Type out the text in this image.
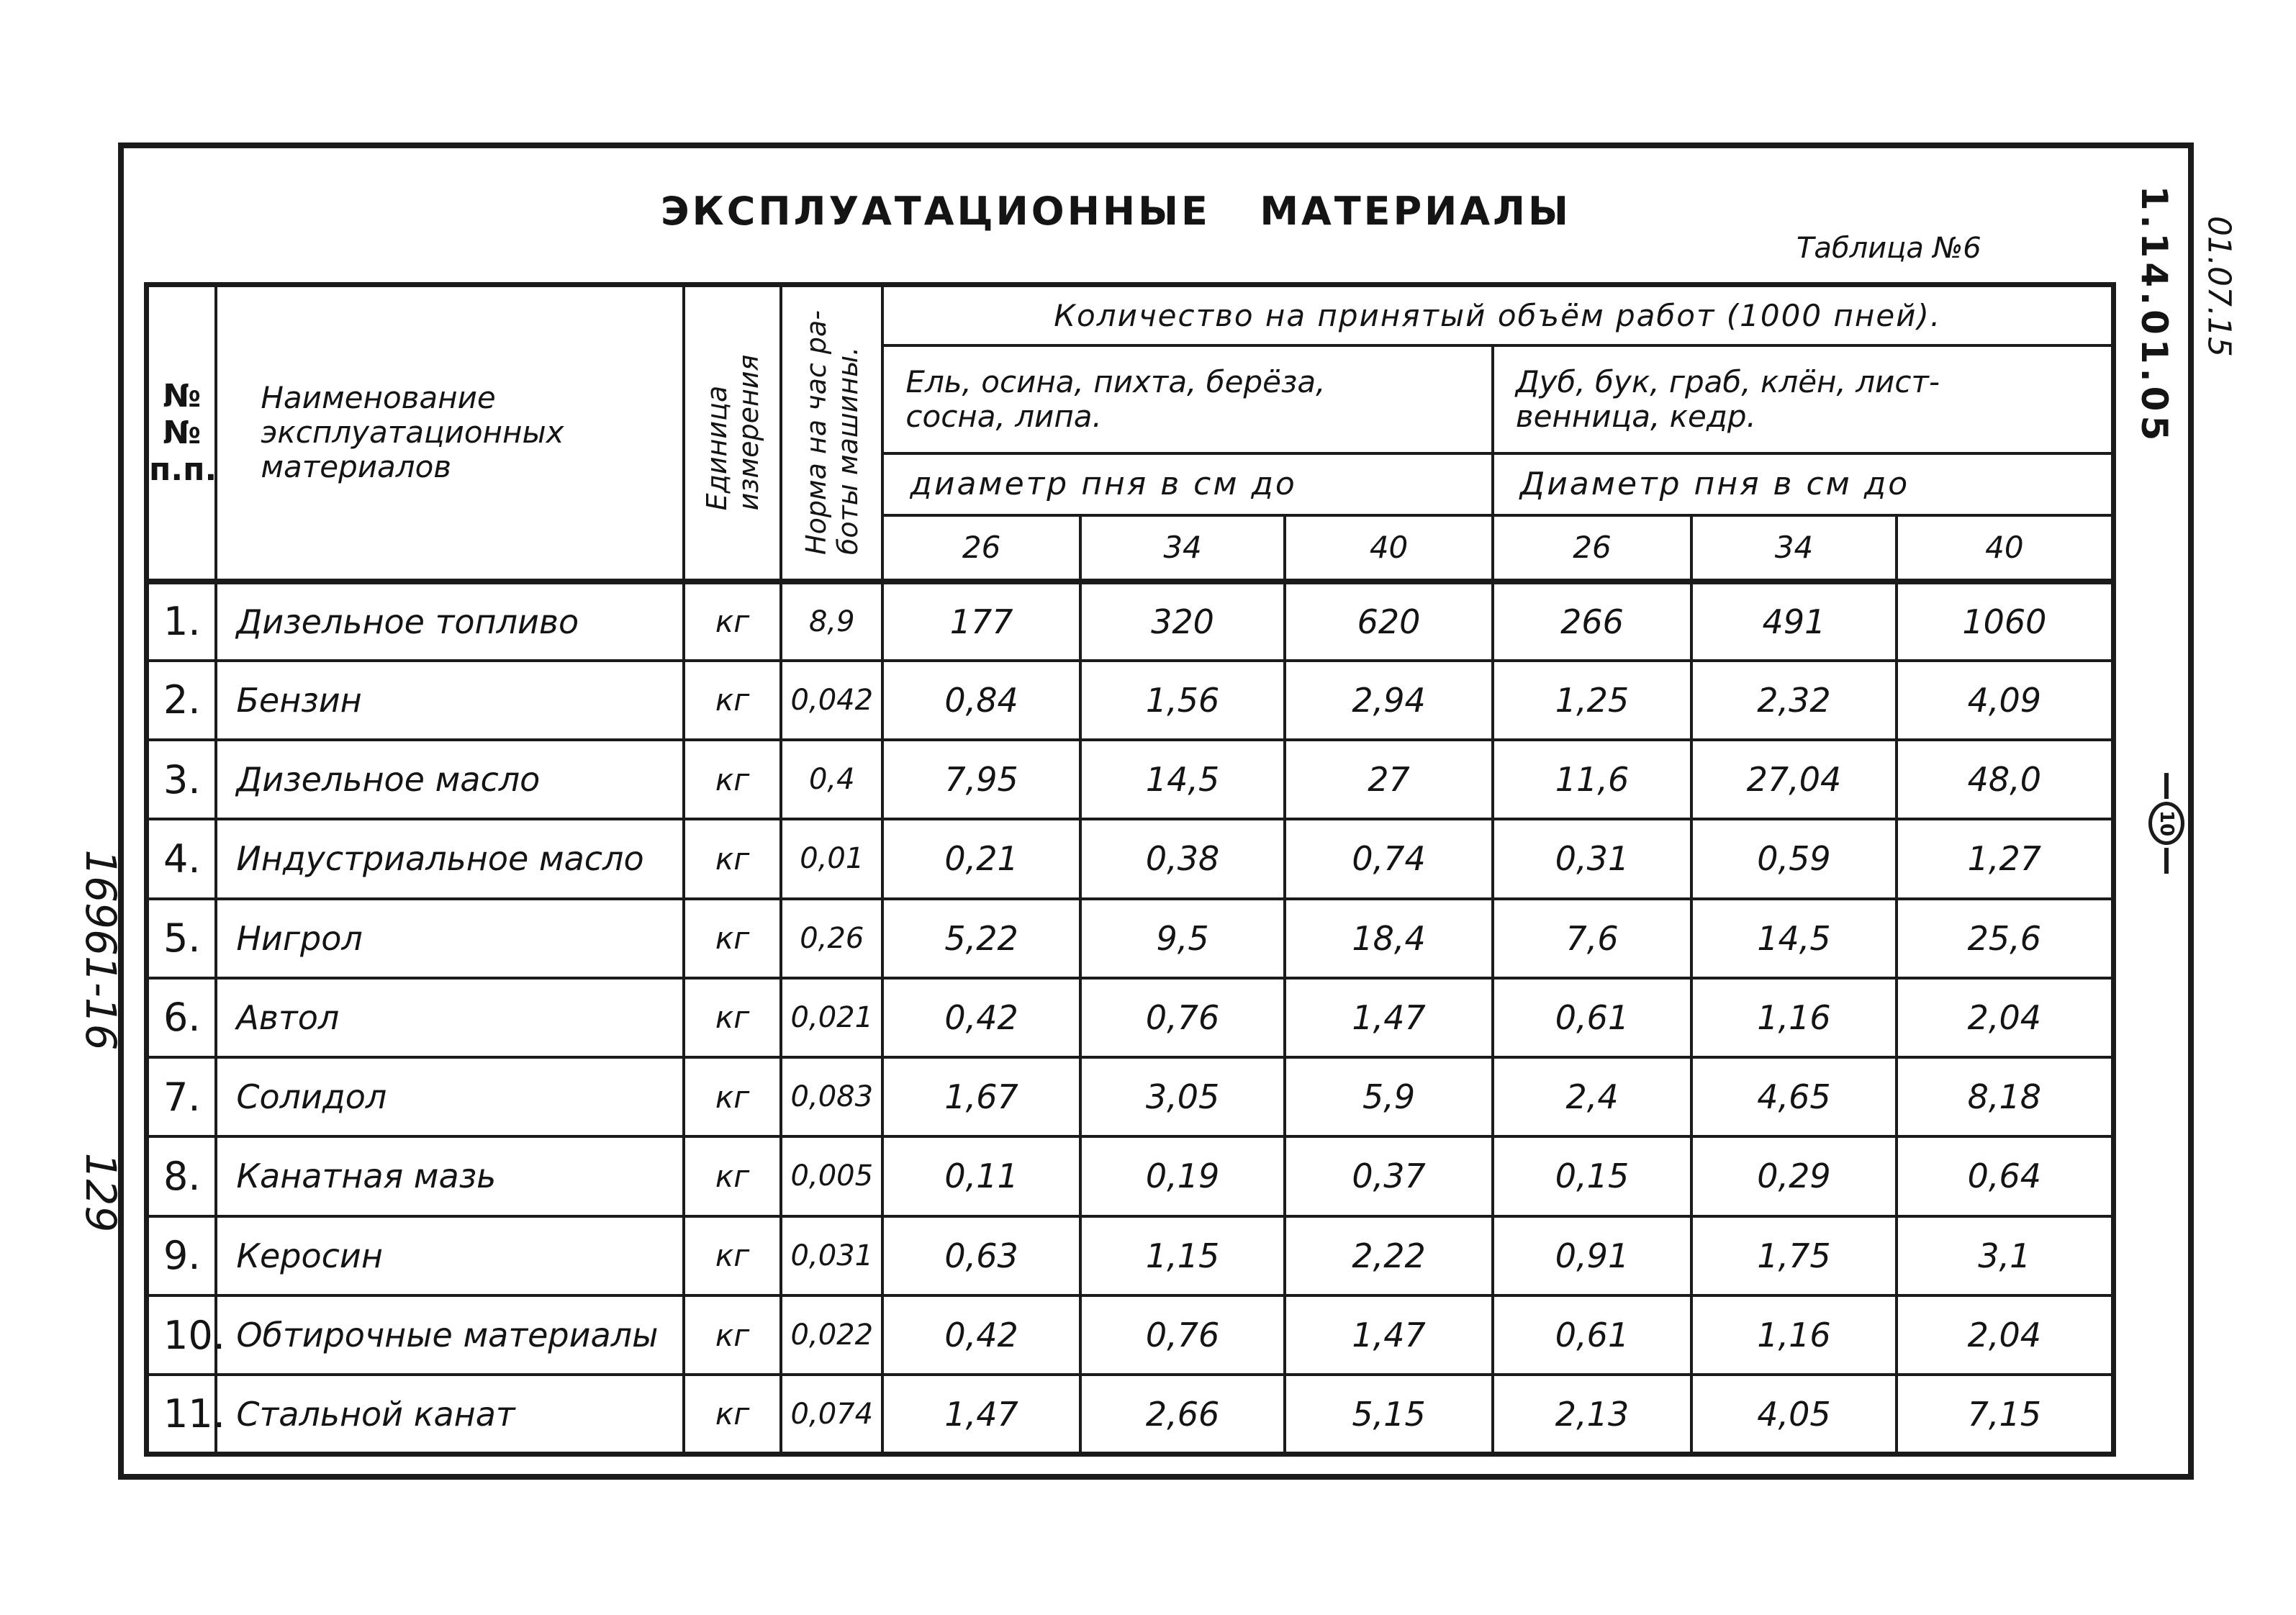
ЭКСПЛУАТАЦИОННЫЕ   МАТЕРИАЛЫ
Таблица №6	1.14.01.05 01.07.15
10
16961-16
129
№№
п.п.	Наименование
эксплуатационных
материалов	Единица
измерения	Норма на час ра-
боты машины.	Количество на принятый объём работ (1000 пней).					
				Ель, осина, пихта, берёза,
сосна, липа.			Дуб, бук, граб, клён, лист-
венница, кедр.		
				диаметр пня в см до			Диаметр пня в см до		
				26	34	40	26	34	40
1.	Дизельное топливо	кг	8,9	177	320	620	266	491	1060
2.	Бензин	кг	0,042	0,84	1,56	2,94	1,25	2,32	4,09
3.	Дизельное масло	кг	0,4	7,95	14,5	27	11,6	27,04	48,0
4.	Индустриальное масло	кг	0,01	0,21	0,38	0,74	0,31	0,59	1,27
5.	Нигрол	кг	0,26	5,22	9,5	18,4	7,6	14,5	25,6
6.	Автол	кг	0,021	0,42	0,76	1,47	0,61	1,16	2,04
7.	Солидол	кг	0,083	1,67	3,05	5,9	2,4	4,65	8,18
8.	Канатная мазь	кг	0,005	0,11	0,19	0,37	0,15	0,29	0,64
9.	Керосин	кг	0,031	0,63	1,15	2,22	0,91	1,75	3,1
10.	Обтирочные материалы	кг	0,022	0,42	0,76	1,47	0,61	1,16	2,04
11.	Стальной канат	кг	0,074	1,47	2,66	5,15	2,13	4,05	7,15
